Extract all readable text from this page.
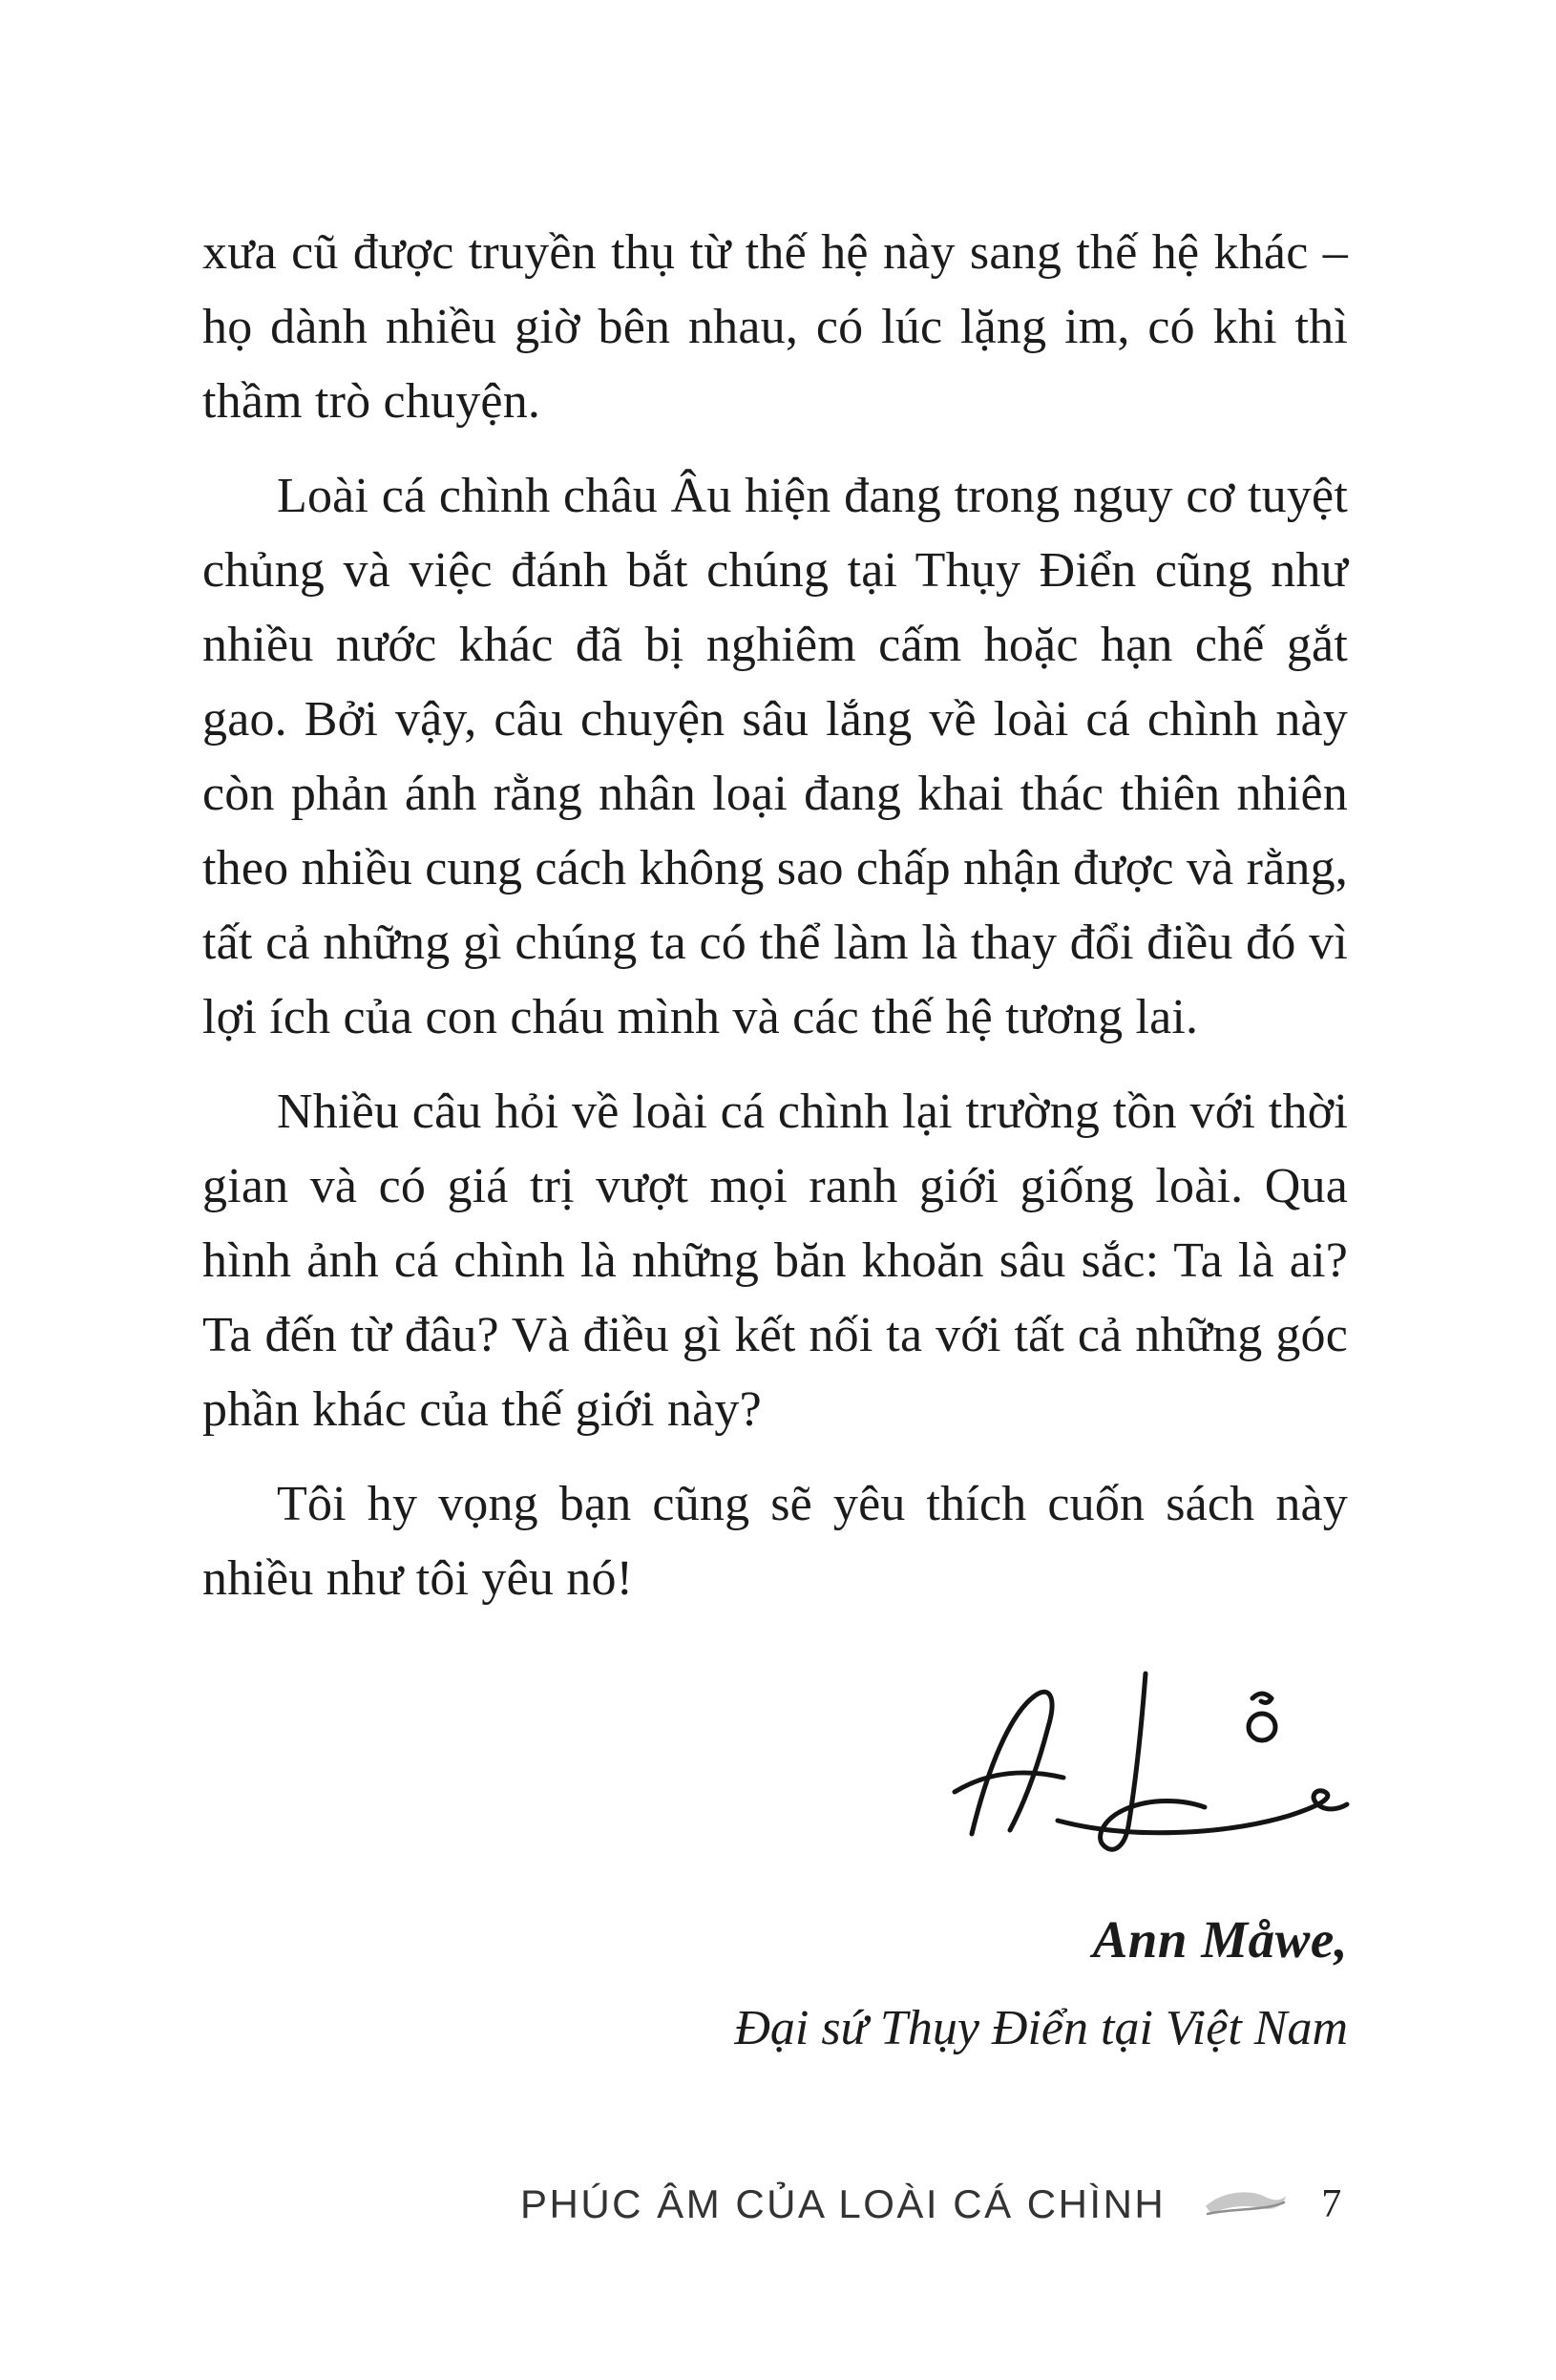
xưa cũ được truyền thụ từ thế hệ này sang thế hệ khác – họ dành nhiều giờ bên nhau, có lúc lặng im, có khi thì thầm trò chuyện.

Loài cá chình châu Âu hiện đang trong nguy cơ tuyệt chủng và việc đánh bắt chúng tại Thụy Điển cũng như nhiều nước khác đã bị nghiêm cấm hoặc hạn chế gắt gao. Bởi vậy, câu chuyện sâu lắng về loài cá chình này còn phản ánh rằng nhân loại đang khai thác thiên nhiên theo nhiều cung cách không sao chấp nhận được và rằng, tất cả những gì chúng ta có thể làm là thay đổi điều đó vì lợi ích của con cháu mình và các thế hệ tương lai.

Nhiều câu hỏi về loài cá chình lại trường tồn với thời gian và có giá trị vượt mọi ranh giới giống loài. Qua hình ảnh cá chình là những băn khoăn sâu sắc: Ta là ai? Ta đến từ đâu? Và điều gì kết nối ta với tất cả những góc phần khác của thế giới này?

Tôi hy vọng bạn cũng sẽ yêu thích cuốn sách này nhiều như tôi yêu nó!

Ann Måwe,
Đại sứ Thụy Điển tại Việt Nam
PHÚC ÂM CỦA LOÀI CÁ CHÌNH	7
